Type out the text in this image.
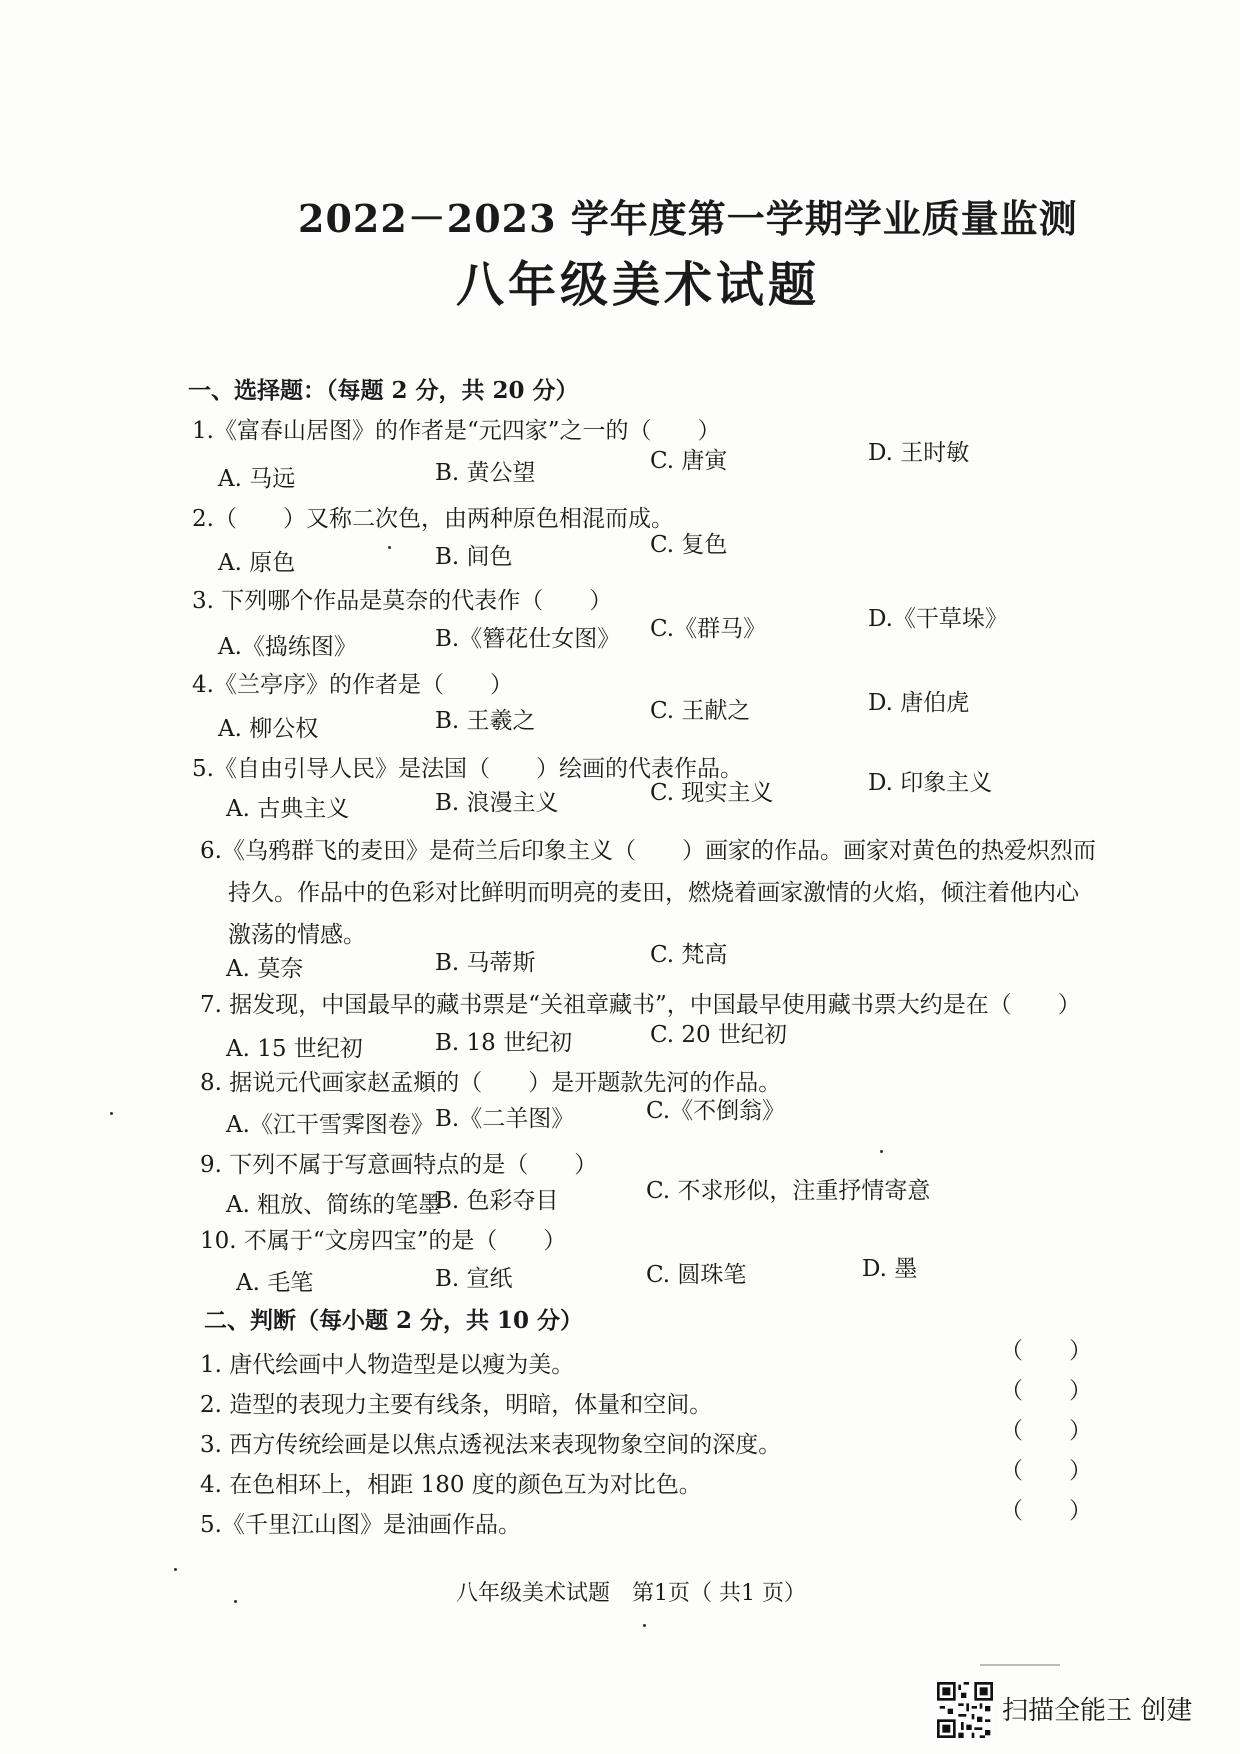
2022－2023 学年度第一学期学业质量监测
八年级美术试题
一、选择题：（每题 2 分，共 20 分）
1.《富春山居图》的作者是“元四家”之一的（　　）
A. 马远	B. 黄公望	C. 唐寅	D. 王时敏
2.（　　）又称二次色，由两种原色相混而成。
A. 原色	B. 间色	C. 复色
3. 下列哪个作品是莫奈的代表作（　　）
A.《捣练图》	B.《簪花仕女图》 C.《群马》	D.《干草垛》
4.《兰亭序》的作者是（　　）
A. 柳公权	B. 王羲之	C. 王献之	D. 唐伯虎
5.《自由引导人民》是法国（　　）绘画的代表作品。
A. 古典主义	B. 浪漫主义	C. 现实主义	D. 印象主义
6.《乌鸦群飞的麦田》是荷兰后印象主义（　　）画家的作品。画家对黄色的热爱炽烈而
持久。作品中的色彩对比鲜明而明亮的麦田，燃烧着画家激情的火焰，倾注着他内心
激荡的情感。
A. 莫奈	B. 马蒂斯	C. 梵高
7. 据发现，中国最早的藏书票是“关祖章藏书”，中国最早使用藏书票大约是在（　　）
A. 15 世纪初	B. 18 世纪初	C. 20 世纪初
8. 据说元代画家赵孟頫的（　　）是开题款先河的作品。
A.《江干雪霁图卷》 B.《二羊图》	C.《不倒翁》
9. 下列不属于写意画特点的是（　　）
A. 粗放、简练的笔墨
B. 色彩夺目	C. 不求形似，注重抒情寄意
10. 不属于“文房四宝”的是（　　）
A. 毛笔	B. 宣纸	C. 圆珠笔	D. 墨
二、判断（每小题 2 分，共 10 分）
1. 唐代绘画中人物造型是以瘦为美。
（　　）
2. 造型的表现力主要有线条，明暗，体量和空间。
（　　）
3. 西方传统绘画是以焦点透视法来表现物象空间的深度。
（　　）
4. 在色相环上，相距 180 度的颜色互为对比色。
（　　）
5.《千里江山图》是油画作品。
（　　）
八年级美术试题　第1页（ 共1 页）
扫描全能王 创建
